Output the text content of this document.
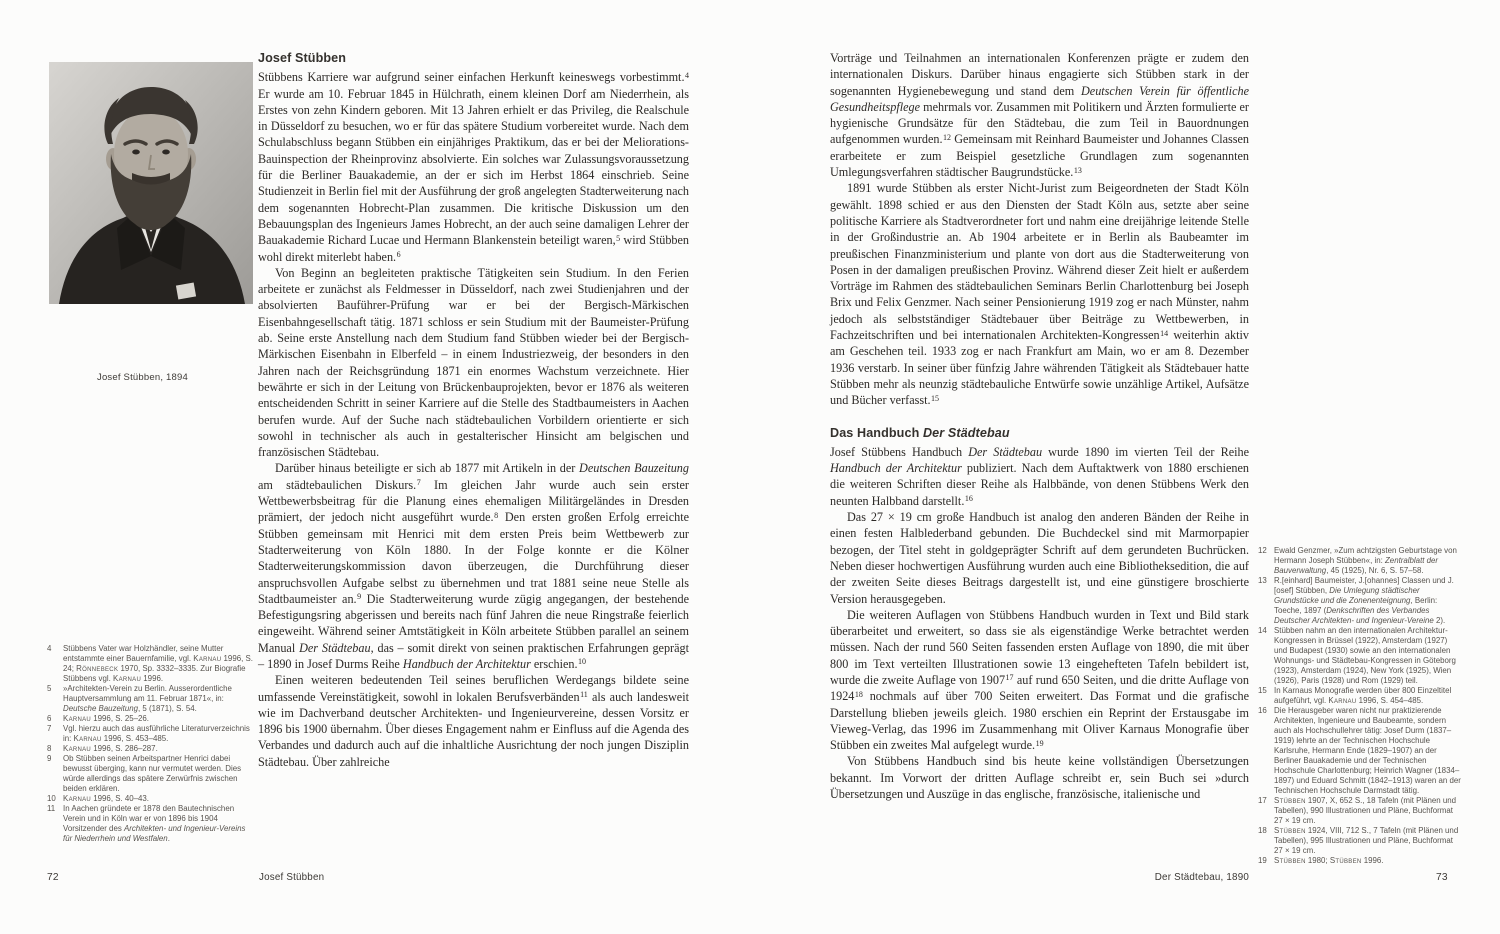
Josef Stübben, 1894
4	Stübbens Vater war Holzhändler, seine Mutter entstammte einer Bauernfamilie, vgl. Karnau 1996, S. 24; Rönnebeck 1970, Sp. 3332–3335. Zur Biografie Stübbens vgl. Karnau 1996.
5	»Architekten-Verein zu Berlin. Ausserordentliche Hauptversammlung am 11. Februar 1871«, in: Deutsche Bauzeitung, 5 (1871), S. 54.
6	Karnau 1996, S. 25–26.
7	Vgl. hierzu auch das ausführliche Literaturverzeichnis in: Karnau 1996, S. 453–485.
8	Karnau 1996, S. 286–287.
9	Ob Stübben seinen Arbeitspartner Henrici dabei bewusst überging, kann nur vermutet werden. Dies würde allerdings das spätere Zerwürfnis zwischen beiden erklären.
10 Karnau 1996, S. 40–43.
11 In Aachen gründete er 1878 den Bautechnischen Verein und in Köln war er von 1896 bis 1904 Vorsitzender des Architekten- und Ingenieur-Vereins für Niederrhein und Westfalen.
Josef Stübben

Stübbens Karriere war aufgrund seiner einfachen Herkunft keineswegs vorbestimmt.$^4$ Er wurde am 10. Februar 1845 in Hülchrath, einem kleinen Dorf am Niederrhein, als Erstes von zehn Kindern geboren. Mit 13 Jahren erhielt er das Privileg, die Realschule in Düsseldorf zu besuchen, wo er für das spätere Studium vorbereitet wurde. Nach dem Schulabschluss begann Stübben ein einjähriges Praktikum, das er bei der Meliorations-Bauinspection der Rheinprovinz absolvierte. Ein solches war Zulassungsvoraussetzung für die Berliner Bauakademie, an der er sich im Herbst 1864 einschrieb. Seine Studienzeit in Berlin fiel mit der Ausführung der groß angelegten Stadterweiterung nach dem sogenannten Hobrecht-Plan zusammen. Die kritische Diskussion um den Bebauungsplan des Ingenieurs James Hobrecht, an der auch seine damaligen Lehrer der Bauakademie Richard Lucae und Hermann Blankenstein beteiligt waren,$^5$ wird Stübben wohl direkt miterlebt haben.$^6$

Von Beginn an begleiteten praktische Tätigkeiten sein Studium. In den Ferien arbeitete er zunächst als Feldmesser in Düsseldorf, nach zwei Studienjahren und der absolvierten Bauführer-Prüfung war er bei der Bergisch-Märkischen Eisenbahngesellschaft tätig. 1871 schloss er sein Studium mit der Baumeister-Prüfung ab. Seine erste Anstellung nach dem Studium fand Stübben wieder bei der Bergisch-Märkischen Eisenbahn in Elberfeld – in einem Industriezweig, der besonders in den Jahren nach der Reichsgründung 1871 ein enormes Wachstum verzeichnete. Hier bewährte er sich in der Leitung von Brückenbauprojekten, bevor er 1876 als weiteren entscheidenden Schritt in seiner Karriere auf die Stelle des Stadtbaumeisters in Aachen berufen wurde. Auf der Suche nach städtebaulichen Vorbildern orientierte er sich sowohl in technischer als auch in gestalterischer Hinsicht am belgischen und französischen Städtebau.

Darüber hinaus beteiligte er sich ab 1877 mit Artikeln in der Deutschen Bauzeitung am städtebaulichen Diskurs.$^7$ Im gleichen Jahr wurde auch sein erster Wettbewerbsbeitrag für die Planung eines ehemaligen Militärgeländes in Dresden prämiert, der jedoch nicht ausgeführt wurde.$^8$ Den ersten großen Erfolg erreichte Stübben gemeinsam mit Henrici mit dem ersten Preis beim Wettbewerb zur Stadterweiterung von Köln 1880. In der Folge konnte er die Kölner Stadterweiterungskommission davon überzeugen, die Durchführung dieser anspruchsvollen Aufgabe selbst zu übernehmen und trat 1881 seine neue Stelle als Stadtbaumeister an.$^9$ Die Stadterweiterung wurde zügig angegangen, der bestehende Befestigungsring abgerissen und bereits nach fünf Jahren die neue Ringstraße feierlich eingeweiht. Während seiner Amtstätigkeit in Köln arbeitete Stübben parallel an seinem Manual Der Städtebau, das – somit direkt von seinen praktischen Erfahrungen geprägt – 1890 in Josef Durms Reihe Handbuch der Architektur erschien.$^{10}$

Einen weiteren bedeutenden Teil seines beruflichen Werdegangs bildete seine umfassende Vereinstätigkeit, sowohl in lokalen Berufsverbänden$^{11}$ als auch landesweit wie im Dachverband deutscher Architekten- und Ingenieurvereine, dessen Vorsitz er 1896 bis 1900 übernahm. Über dieses Engagement nahm er Einfluss auf die Agenda des Verbandes und dadurch auch auf die inhaltliche Ausrichtung der noch jungen Disziplin Städtebau. Über zahlreiche

72	Josef Stübben

Vorträge und Teilnahmen an internationalen Konferenzen prägte er zudem den internationalen Diskurs. Darüber hinaus engagierte sich Stübben stark in der sogenannten Hygienebewegung und stand dem Deutschen Verein für öffentliche Gesundheitspflege mehrmals vor. Zusammen mit Politikern und Ärzten formulierte er hygienische Grundsätze für den Städtebau, die zum Teil in Bauordnungen aufgenommen wurden.$^{12}$ Gemeinsam mit Reinhard Baumeister und Johannes Classen erarbeitete er zum Beispiel gesetzliche Grundlagen zum sogenannten Umlegungsverfahren städtischer Baugrundstücke.$^{13}$

1891 wurde Stübben als erster Nicht-Jurist zum Beigeordneten der Stadt Köln gewählt. 1898 schied er aus den Diensten der Stadt Köln aus, setzte aber seine politische Karriere als Stadtverordneter fort und nahm eine dreijährige leitende Stelle in der Großindustrie an. Ab 1904 arbeitete er in Berlin als Baubeamter im preußischen Finanzministerium und plante von dort aus die Stadterweiterung von Posen in der damaligen preußischen Provinz. Während dieser Zeit hielt er außerdem Vorträge im Rahmen des städtebaulichen Seminars Berlin Charlottenburg bei Joseph Brix und Felix Genzmer. Nach seiner Pensionierung 1919 zog er nach Münster, nahm jedoch als selbstständiger Städtebauer über Beiträge zu Wettbewerben, in Fachzeitschriften und bei internationalen Architekten-Kongressen$^{14}$ weiterhin aktiv am Geschehen teil. 1933 zog er nach Frankfurt am Main, wo er am 8. Dezember 1936 verstarb. In seiner über fünfzig Jahre währenden Tätigkeit als Städtebauer hatte Stübben mehr als neunzig städtebauliche Entwürfe sowie unzählige Artikel, Aufsätze und Bücher verfasst.$^{15}$

Das Handbuch Der Städtebau

Josef Stübbens Handbuch Der Städtebau wurde 1890 im vierten Teil der Reihe Handbuch der Architektur publiziert. Nach dem Auftaktwerk von 1880 erschienen die weiteren Schriften dieser Reihe als Halbbände, von denen Stübbens Werk den neunten Halbband darstellt.$^{16}$

Das 27 × 19 cm große Handbuch ist analog den anderen Bänden der Reihe in einen festen Halblederband gebunden. Die Buchdeckel sind mit Marmorpapier bezogen, der Titel steht in goldgeprägter Schrift auf dem gerundeten Buchrücken. Neben dieser hochwertigen Ausführung wurden auch eine Bibliotheksedition, die auf der zweiten Seite dieses Beitrags dargestellt ist, und eine günstigere broschierte Version herausgegeben.

Die weiteren Auflagen von Stübbens Handbuch wurden in Text und Bild stark überarbeitet und erweitert, so dass sie als eigenständige Werke betrachtet werden müssen. Nach der rund 560 Seiten fassenden ersten Auflage von 1890, die mit über 800 im Text verteilten Illustrationen sowie 13 eingehefteten Tafeln bebildert ist, wurde die zweite Auflage von 1907$^{17}$ auf rund 650 Seiten, und die dritte Auflage von 1924$^{18}$ nochmals auf über 700 Seiten erweitert. Das Format und die grafische Darstellung blieben jeweils gleich. 1980 erschien ein Reprint der Erstausgabe im Vieweg-Verlag, das 1996 im Zusammenhang mit Oliver Karnaus Monografie über Stübben ein zweites Mal aufgelegt wurde.$^{19}$

Von Stübbens Handbuch sind bis heute keine vollständigen Übersetzungen bekannt. Im Vorwort der dritten Auflage schreibt er, sein Buch sei »durch Übersetzungen und Auszüge in das englische, französische, italienische und

12 Ewald Genzmer, »Zum achtzigsten Geburtstage von Hermann Joseph Stübben«, in: Zentralblatt der Bauverwaltung, 45 (1925), Nr. 6, S. 57–58.
13 R.[einhard] Baumeister, J.[ohannes] Classen und J.[osef] Stübben, Die Umlegung städtischer Grundstücke und die Zonenenteignung, Berlin: Toeche, 1897 (Denkschriften des Verbandes Deutscher Architekten- und Ingenieur-Vereine 2).
14 Stübben nahm an den internationalen Architektur-Kongressen in Brüssel (1922), Amsterdam (1927) und Budapest (1930) sowie an den internationalen Wohnungs- und Städtebau-Kongressen in Göteborg (1923), Amsterdam (1924), New York (1925), Wien (1926), Paris (1928) und Rom (1929) teil.
15 In Karnaus Monografie werden über 800 Einzeltitel aufgeführt, vgl. Karnau 1996, S. 454–485.
16 Die Herausgeber waren nicht nur praktizierende Architekten, Ingenieure und Baubeamte, sondern auch als Hochschullehrer tätig: Josef Durm (1837–1919) lehrte an der Technischen Hochschule Karlsruhe, Hermann Ende (1829–1907) an der Berliner Bauakademie und der Technischen Hochschule Charlottenburg; Heinrich Wagner (1834–1897) und Eduard Schmitt (1842–1913) waren an der Technischen Hochschule Darmstadt tätig.
17 Stübben 1907, X, 652 S., 18 Tafeln (mit Plänen und Tabellen), 990 Illustrationen und Pläne, Buchformat 27 × 19 cm.
18 Stübben 1924, VIII, 712 S., 7 Tafeln (mit Plänen und Tabellen), 995 Illustrationen und Pläne, Buchformat 27 × 19 cm.
19 Stübben 1980; Stübben 1996.
Der Städtebau, 1890	73
